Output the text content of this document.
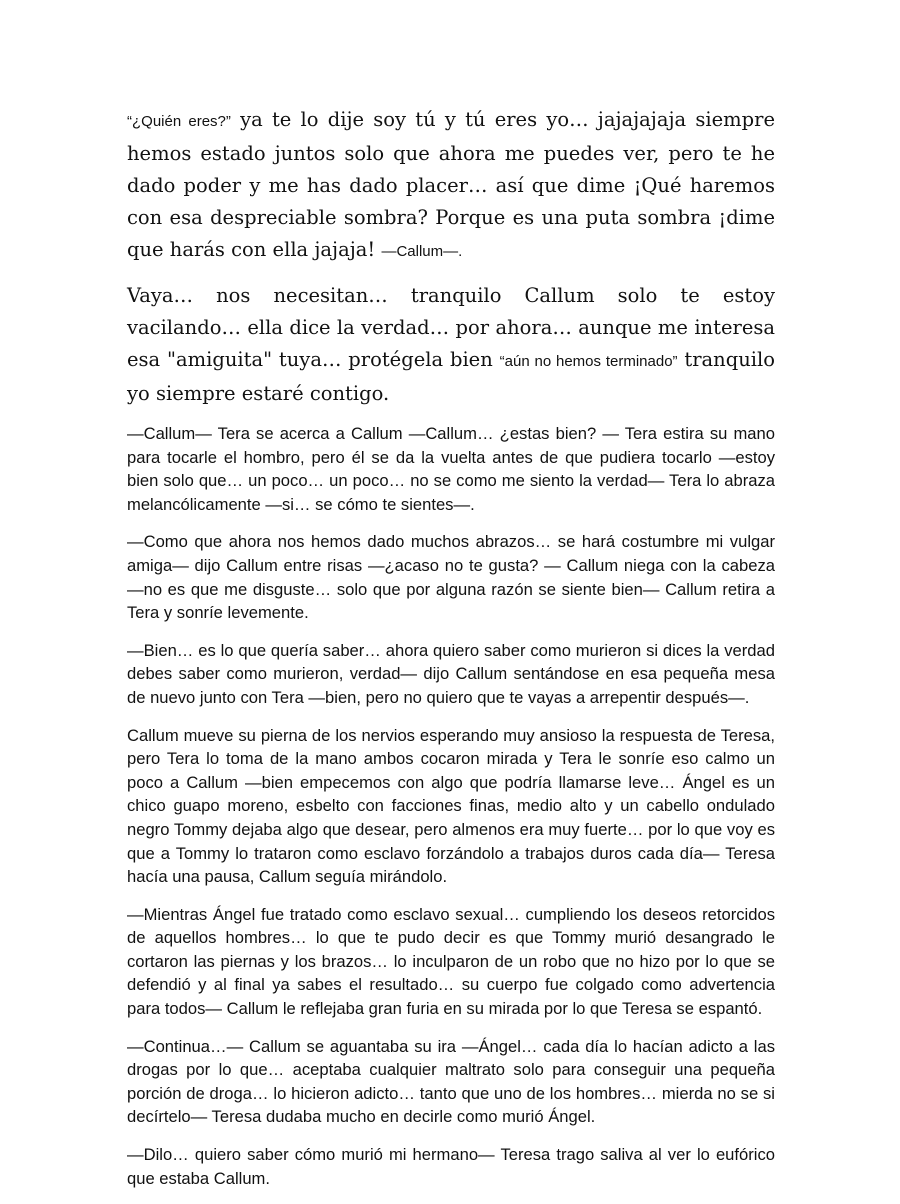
“¿Quién eres?” ya te lo dije soy tú y tú eres yo… jajajajaja siempre hemos estado juntos solo que ahora me puedes ver, pero te he dado poder y me has dado placer… así que dime ¡Qué haremos con esa despreciable sombra? Porque es una puta sombra ¡dime que harás con ella jajaja! —Callum—.

Vaya… nos necesitan… tranquilo Callum solo te estoy vacilando… ella dice la verdad… por ahora… aunque me interesa esa "amiguita" tuya… protégela bien “aún no hemos terminado” tranquilo yo siempre estaré contigo.

—Callum— Tera se acerca a Callum —Callum… ¿estas bien? — Tera estira su mano para tocarle el hombro, pero él se da la vuelta antes de que pudiera tocarlo —estoy bien solo que… un poco… un poco… no se como me siento la verdad— Tera lo abraza melancólicamente —si… se cómo te sientes—.

—Como que ahora nos hemos dado muchos abrazos… se hará costumbre mi vulgar amiga— dijo Callum entre risas —¿acaso no te gusta? — Callum niega con la cabeza —no es que me disguste… solo que por alguna razón se siente bien— Callum retira a Tera y sonríe levemente.

—Bien… es lo que quería saber… ahora quiero saber como murieron si dices la verdad debes saber como murieron, verdad— dijo Callum sentándose en esa pequeña mesa de nuevo junto con Tera —bien, pero no quiero que te vayas a arrepentir después—.

Callum mueve su pierna de los nervios esperando muy ansioso la respuesta de Teresa, pero Tera lo toma de la mano ambos cocaron mirada y Tera le sonríe eso calmo un poco a Callum —bien empecemos con algo que podría llamarse leve… Ángel es un chico guapo moreno, esbelto con facciones finas, medio alto y un cabello ondulado negro Tommy dejaba algo que desear, pero almenos era muy fuerte… por lo que voy es que a Tommy lo trataron como esclavo forzándolo a trabajos duros cada día— Teresa hacía una pausa, Callum seguía mirándolo.

—Mientras Ángel fue tratado como esclavo sexual… cumpliendo los deseos retorcidos de aquellos hombres… lo que te pudo decir es que Tommy murió desangrado le cortaron las piernas y los brazos… lo inculparon de un robo que no hizo por lo que se defendió y al final ya sabes el resultado… su cuerpo fue colgado como advertencia para todos— Callum le reflejaba gran furia en su mirada por lo que Teresa se espantó.

—Continua…— Callum se aguantaba su ira —Ángel… cada día lo hacían adicto a las drogas por lo que… aceptaba cualquier maltrato solo para conseguir una pequeña porción de droga… lo hicieron adicto… tanto que uno de los hombres… mierda no se si decírtelo— Teresa dudaba mucho en decirle como murió Ángel.

—Dilo… quiero saber cómo murió mi hermano— Teresa trago saliva al ver lo eufórico que estaba Callum.
